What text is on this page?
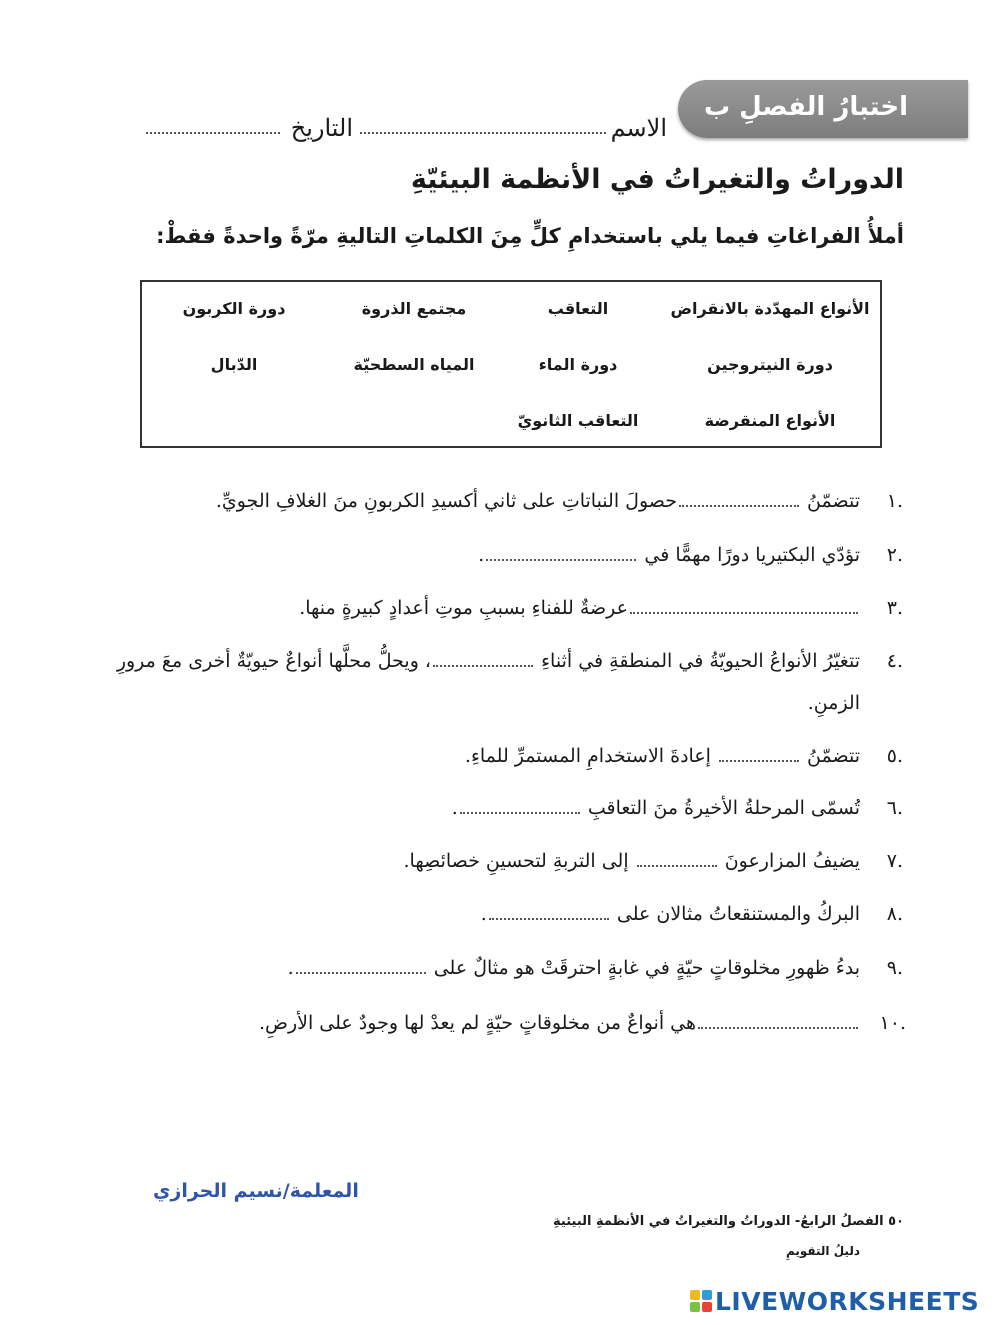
اختبارُ الفصلِ ب
الاسم
التاريخ
الدوراتُ والتغيراتُ في الأنظمة البيئيّةِ
أملأُ الفراغاتِ فيما يلي باستخدامِ كلٍّ مِنَ الكلماتِ التاليةِ مرّةً واحدةً فقطْ:
الأنواع المهدّدة بالانقراض
التعاقب
مجتمع الذروة
دورة الكربون
دورة النيتروجين
دورة الماء
المياه السطحيّة
الدّبال
الأنواع المنقرضة
التعاقب الثانويّ
.١
تتضمّنُ حصولَ النباتاتِ على ثاني أكسيدِ الكربونِ منَ الغلافِ الجويِّ.
.٢
تؤدّي البكتيريا دورًا مهمًّا في .
.٣
عرضةٌ للفناءِ بسببِ موتِ أعدادٍ كبيرةٍ منها.
.٤
تتغيّرُ الأنواعُ الحيويّةُ في المنطقةِ في أثناءِ ، ويحلُّ محلَّها أنواعٌ حيويّةٌ أخرى معَ مرورِ
الزمنِ.
.٥
تتضمّنُ  إعادةَ الاستخدامِ المستمرِّ للماءِ.
.٦
تُسمّى المرحلةُ الأخيرةُ منَ التعاقبِ .
.٧
يضيفُ المزارعونَ  إلى التربةِ لتحسينِ خصائصِها.
.٨
البركُ والمستنقعاتُ مثالان على .
.٩
بدءُ ظهورِ مخلوقاتٍ حيّةٍ في غابةٍ احترقَتْ هو مثالٌ على .
.١٠
هي أنواعٌ من مخلوقاتٍ حيّةٍ لم يعدْ لها وجودٌ على الأرضِ.
المعلمة/نسيم الحرازي
٥٠ الفصلُ الرابعُ- الدوراتُ والتغيراتُ في الأنظمةِ البيئيةِ
دليلُ التقويمِ
LIVEWORKSHEETS
